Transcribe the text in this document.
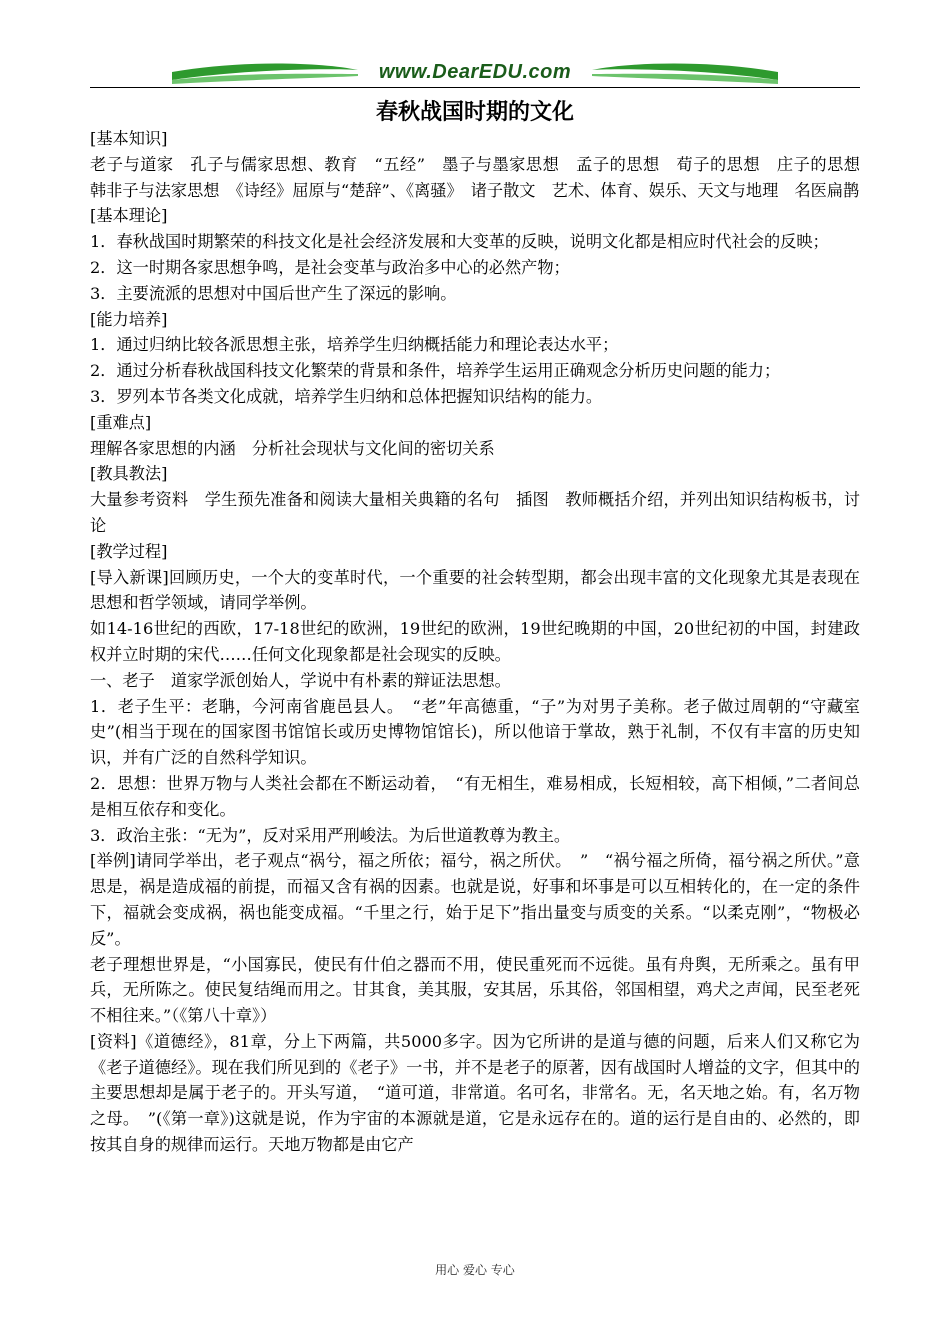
www.DearEDU.com
春秋战国时期的文化

[基本知识]

老子与道家　孔子与儒家思想、教育　“五经”　墨子与墨家思想　孟子的思想　荀子的思想　庄子的思想　韩非子与法家思想　《诗经》屈原与“楚辞”、《离骚》　诸子散文　艺术、体育、娱乐、天文与地理　名医扁鹊

[基本理论]

1．春秋战国时期繁荣的科技文化是社会经济发展和大变革的反映，说明文化都是相应时代社会的反映；

2．这一时期各家思想争鸣，是社会变革与政治多中心的必然产物；

3．主要流派的思想对中国后世产生了深远的影响。

[能力培养]

1．通过归纳比较各派思想主张，培养学生归纳概括能力和理论表达水平；

2．通过分析春秋战国科技文化繁荣的背景和条件，培养学生运用正确观念分析历史问题的能力；

3．罗列本节各类文化成就，培养学生归纳和总体把握知识结构的能力。

[重难点]

理解各家思想的内涵　分析社会现状与文化间的密切关系

[教具教法]

大量参考资料　学生预先准备和阅读大量相关典籍的名句　插图　教师概括介绍，并列出知识结构板书，讨论

[教学过程]

[导入新课]回顾历史，一个大的变革时代，一个重要的社会转型期，都会出现丰富的文化现象尤其是表现在思想和哲学领域，请同学举例。

如14-16世纪的西欧，17-18世纪的欧洲，19世纪的欧洲，19世纪晚期的中国，20世纪初的中国，封建政权并立时期的宋代……任何文化现象都是社会现实的反映。

一、老子　道家学派创始人，学说中有朴素的辩证法思想。

1．老子生平：老聃，今河南省鹿邑县人。　“老”年高德重，“子”为对男子美称。老子做过周朝的“守藏室史”(相当于现在的国家图书馆馆长或历史博物馆馆长)，所以他谙于掌故，熟于礼制，不仅有丰富的历史知识，并有广泛的自然科学知识。

2．思想：世界万物与人类社会都在不断运动着，　“有无相生，难易相成，长短相较，高下相倾，”二者间总是相互依存和变化。

3．政治主张：“无为”，反对采用严刑峻法。为后世道教尊为教主。

[举例]请同学举出，老子观点“祸兮，福之所依；福兮，祸之所伏。　”　“祸兮福之所倚，福兮祸之所伏。”意思是，祸是造成福的前提，而福又含有祸的因素。也就是说，好事和坏事是可以互相转化的，在一定的条件下，福就会变成祸，祸也能变成福。“千里之行，始于足下”指出量变与质变的关系。“以柔克刚”，“物极必反”。

老子理想世界是，“小国寡民，使民有什伯之器而不用，使民重死而不远徙。虽有舟舆，无所乘之。虽有甲兵，无所陈之。使民复结绳而用之。甘其食，美其服，安其居，乐其俗，邻国相望，鸡犬之声闻，民至老死不相往来。”（《第八十章》）

[资料]《道德经》，81章，分上下两篇，共5000多字。因为它所讲的是道与德的问题，后来人们又称它为《老子道德经》。现在我们所见到的《老子》一书，并不是老子的原著，因有战国时人增益的文字，但其中的主要思想却是属于老子的。开头写道，　“道可道，非常道。名可名，非常名。无，名天地之始。有，名万物之母。　”(《第一章》)这就是说，作为宇宙的本源就是道，它是永远存在的。道的运行是自由的、必然的，即按其自身的规律而运行。天地万物都是由它产

用心 爱心 专心
